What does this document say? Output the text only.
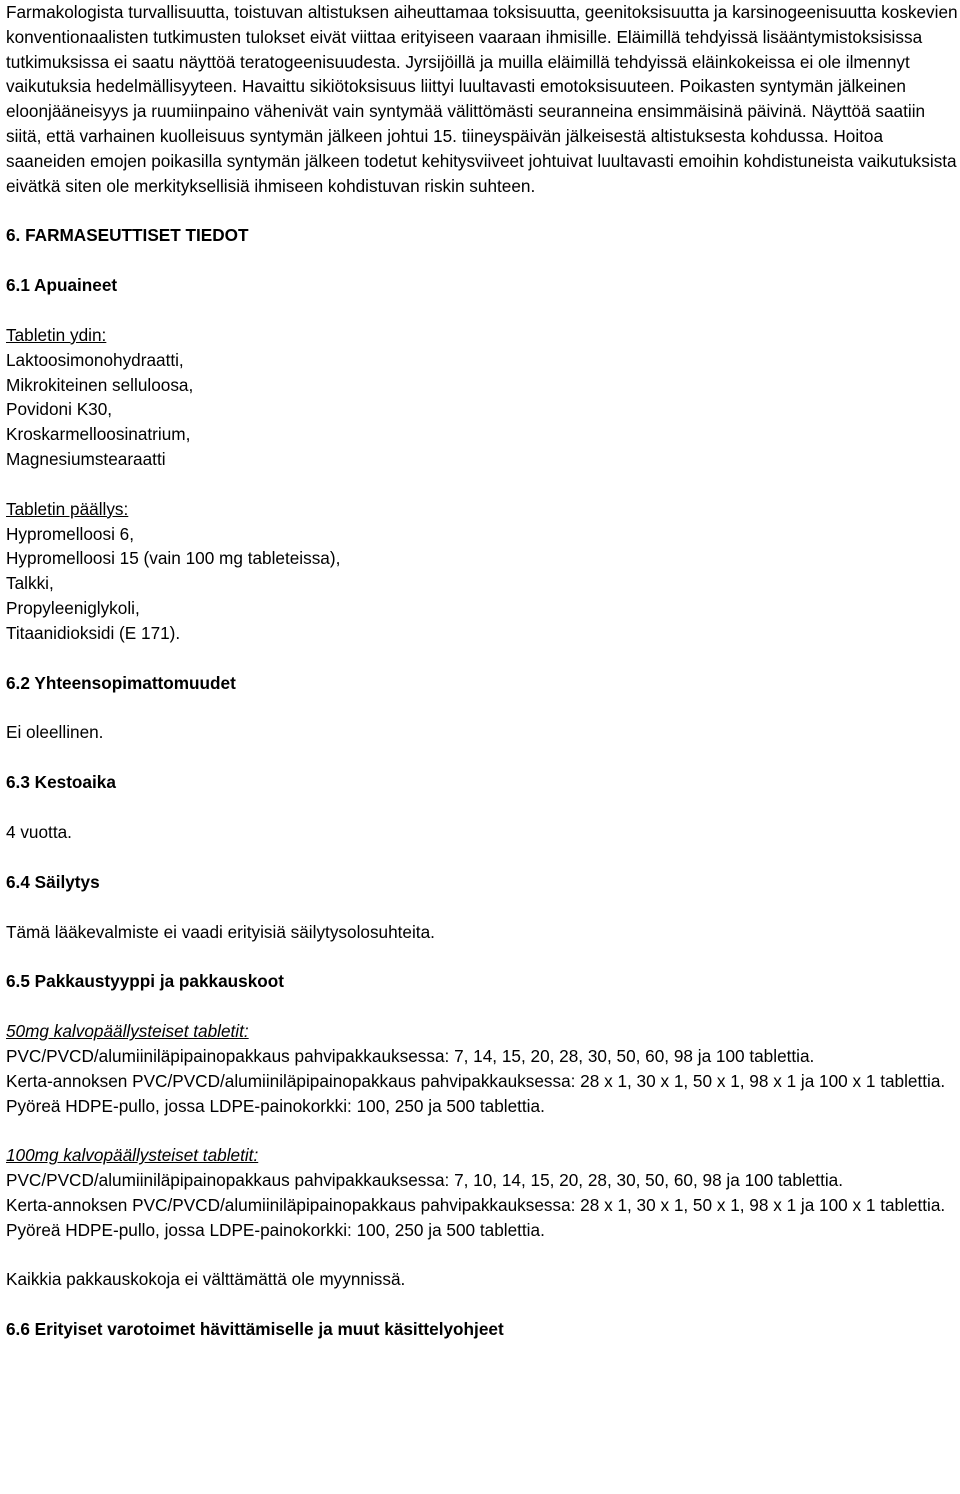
Farmakologista turvallisuutta, toistuvan altistuksen aiheuttamaa toksisuutta, geenitoksisuutta ja karsinogeenisuutta koskevien konventionaalisten tutkimusten tulokset eivät viittaa erityiseen vaaraan ihmisille. Eläimillä tehdyissä lisääntymistoksisissa tutkimuksissa ei saatu näyttöä teratogeenisuudesta. Jyrsijöillä ja muilla eläimillä tehdyissä eläinkokeissa ei ole ilmennyt vaikutuksia hedelmällisyyteen. Havaittu sikiötoksisuus liittyi luultavasti emotoksisuuteen. Poikasten syntymän jälkeinen eloonjääneisyys ja ruumiinpaino vähenivät vain syntymää välittömästi seuranneina ensimmäisinä päivinä. Näyttöä saatiin siitä, että varhainen kuolleisuus syntymän jälkeen johtui 15. tiineyspäivän jälkeisestä altistuksesta kohdussa. Hoitoa saaneiden emojen poikasilla syntymän jälkeen todetut kehitysviiveet johtuivat luultavasti emoihin kohdistuneista vaikutuksista eivätkä siten ole merkityksellisiä ihmiseen kohdistuvan riskin suhteen.

6. FARMASEUTTISET TIEDOT

6.1 Apuaineet

Tabletin ydin:

Laktoosimonohydraatti,

Mikrokiteinen selluloosa,

Povidoni K30,

Kroskarmelloosinatrium,

Magnesiumstearaatti

Tabletin päällys:

Hypromelloosi 6,

Hypromelloosi 15 (vain 100 mg tableteissa),

Talkki,

Propyleeniglykoli,

Titaanidioksidi (E 171).

6.2 Yhteensopimattomuudet

Ei oleellinen.

6.3 Kestoaika

4 vuotta.

6.4 Säilytys

Tämä lääkevalmiste ei vaadi erityisiä säilytysolosuhteita.

6.5 Pakkaustyyppi ja pakkauskoot

50mg kalvopäällysteiset tabletit:

PVC/PVCD/alumiiniläpipainopakkaus pahvipakkauksessa: 7, 14, 15, 20, 28, 30, 50, 60, 98 ja 100 tablettia.

Kerta-annoksen PVC/PVCD/alumiiniläpipainopakkaus pahvipakkauksessa: 28 x 1, 30 x 1, 50 x 1, 98 x 1 ja 100 x 1 tablettia.

Pyöreä HDPE-pullo, jossa LDPE-painokorkki: 100, 250 ja 500 tablettia.

100mg kalvopäällysteiset tabletit:

PVC/PVCD/alumiiniläpipainopakkaus pahvipakkauksessa: 7, 10, 14, 15, 20, 28, 30, 50, 60, 98 ja 100 tablettia.

Kerta-annoksen PVC/PVCD/alumiiniläpipainopakkaus pahvipakkauksessa: 28 x 1, 30 x 1, 50 x 1, 98 x 1 ja 100 x 1 tablettia.

Pyöreä HDPE-pullo, jossa LDPE-painokorkki: 100, 250 ja 500 tablettia.

Kaikkia pakkauskokoja ei välttämättä ole myynnissä.

6.6 Erityiset varotoimet hävittämiselle ja muut käsittelyohjeet
